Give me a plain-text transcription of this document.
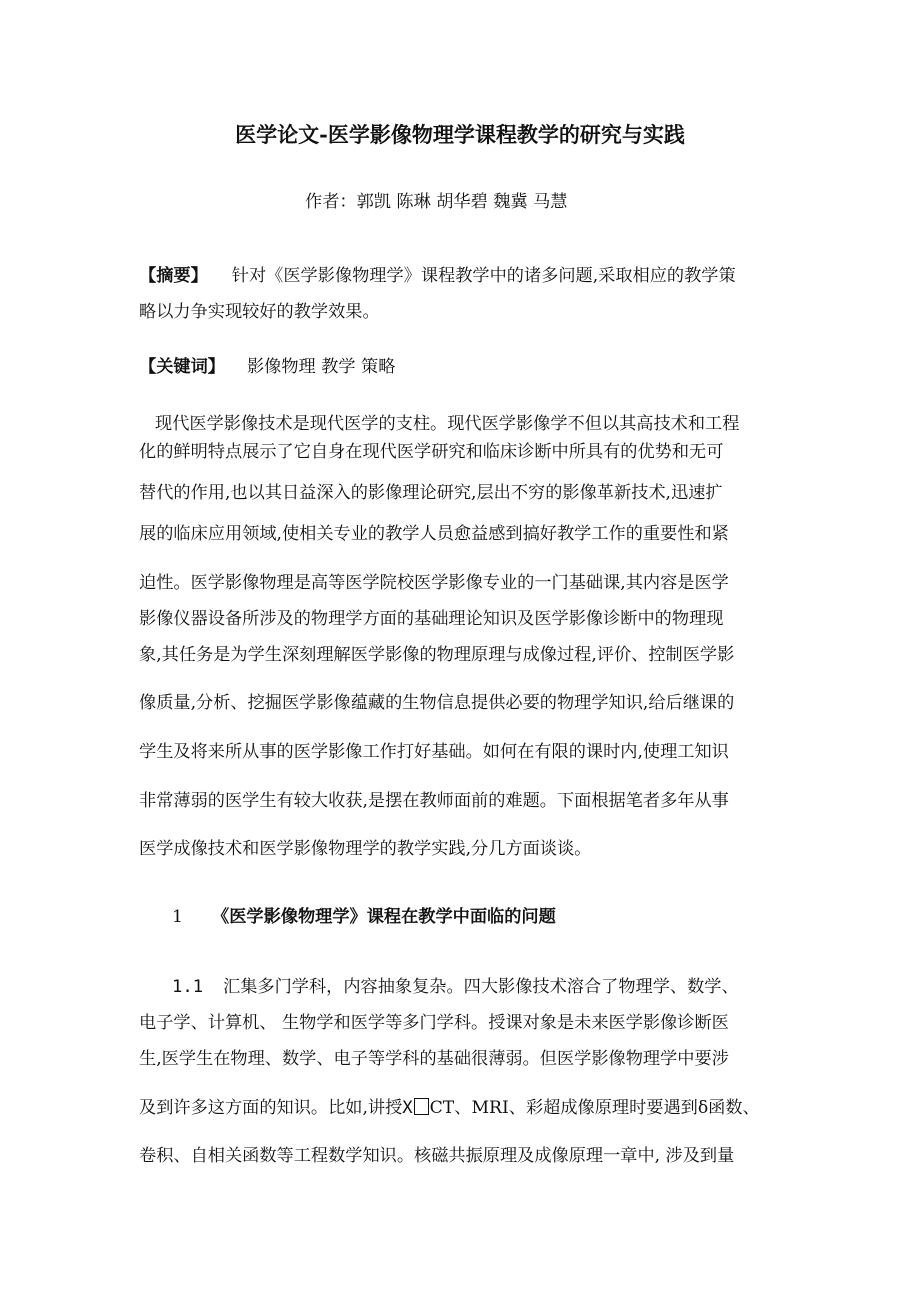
医学论文-医学影像物理学课程教学的研究与实践
作者：郭凯 陈琳 胡华碧 魏冀 马慧

【摘要】 针对《医学影像物理学》课程教学中的诸多问题,采取相应的教学策

略以力争实现较好的教学效果。

【关键词】 影像物理 教学 策略

现代医学影像技术是现代医学的支柱。现代医学影像学不但以其高技术和工程

化的鲜明特点展示了它自身在现代医学研究和临床诊断中所具有的优势和无可

替代的作用,也以其日益深入的影像理论研究,层出不穷的影像革新技术,迅速扩

展的临床应用领域,使相关专业的教学人员愈益感到搞好教学工作的重要性和紧

迫性。医学影像物理是高等医学院校医学影像专业的一门基础课,其内容是医学

影像仪器设备所涉及的物理学方面的基础理论知识及医学影像诊断中的物理现

象,其任务是为学生深刻理解医学影像的物理原理与成像过程,评价、控制医学影

像质量,分析、挖掘医学影像蕴藏的生物信息提供必要的物理学知识,给后继课的

学生及将来所从事的医学影像工作打好基础。如何在有限的课时内,使理工知识

非常薄弱的医学生有较大收获,是摆在教师面前的难题。下面根据笔者多年从事

医学成像技术和医学影像物理学的教学实践,分几方面谈谈。

1 《医学影像物理学》课程在教学中面临的问题

1.1 汇集多门学科，内容抽象复杂。四大影像技术溶合了物理学、数学、

电子学、计算机、 生物学和医学等多门学科。授课对象是未来医学影像诊断医

生,医学生在物理、数学、电子等学科的基础很薄弱。但医学影像物理学中要涉

及到许多这方面的知识。比如,讲授X CT、MRI、彩超成像原理时要遇到δ函数、

卷积、自相关函数等工程数学知识。核磁共振原理及成像原理一章中, 涉及到量
